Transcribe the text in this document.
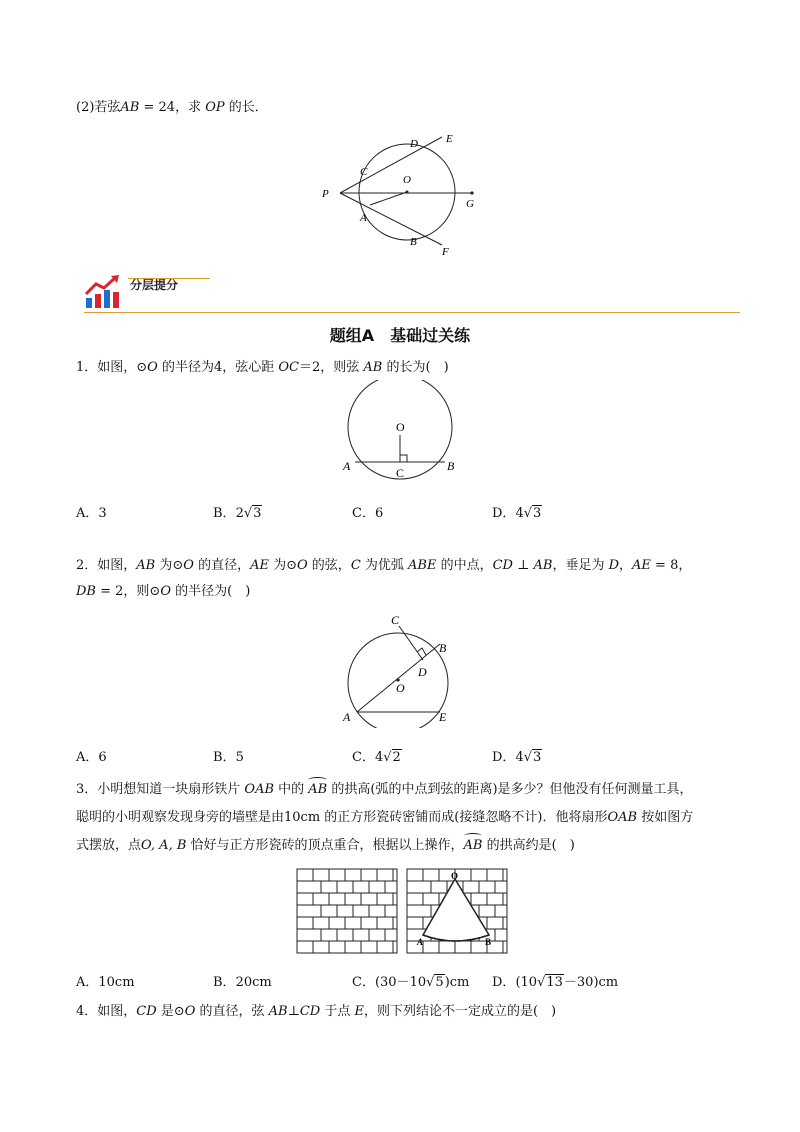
(2)若弦AB = 24，求 OP 的长．
D	E
C
O
P
G
A
B
F
分层提分
题组A　基础过关练
1．如图，⊙O 的半径为4，弦心距 OC＝2，则弦 AB 的长为(　)
O
A	B
C
A．3	B．2√3	C．6	D．4√3
2．如图，AB 为⊙O 的直径，AE 为⊙O 的弦，C 为优弧 ABE 的中点，CD ⊥ AB，垂足为 D，AE = 8，
DB = 2，则⊙O 的半径为(　)
C
B
D
O
A	E
A．6	B．5	C．4√2	D．4√3
3．小明想知道一块扇形铁片 OAB 中的 AB 的拱高(弧的中点到弦的距离)是多少？但他没有任何测量工具，
聪明的小明观察发现身旁的墙壁是由10cm 的正方形瓷砖密铺而成(接缝忽略不计)．他将扇形OAB 按如图方
式摆放，点O, A, B 恰好与正方形瓷砖的顶点重合，根据以上操作，AB 的拱高约是(　)
O
A	B
A．10cm	B．20cm	C．(30－10√5)cm D．(10√13－30)cm
4．如图，CD 是⊙O 的直径，弦 AB⊥CD 于点 E，则下列结论不一定成立的是(　)
